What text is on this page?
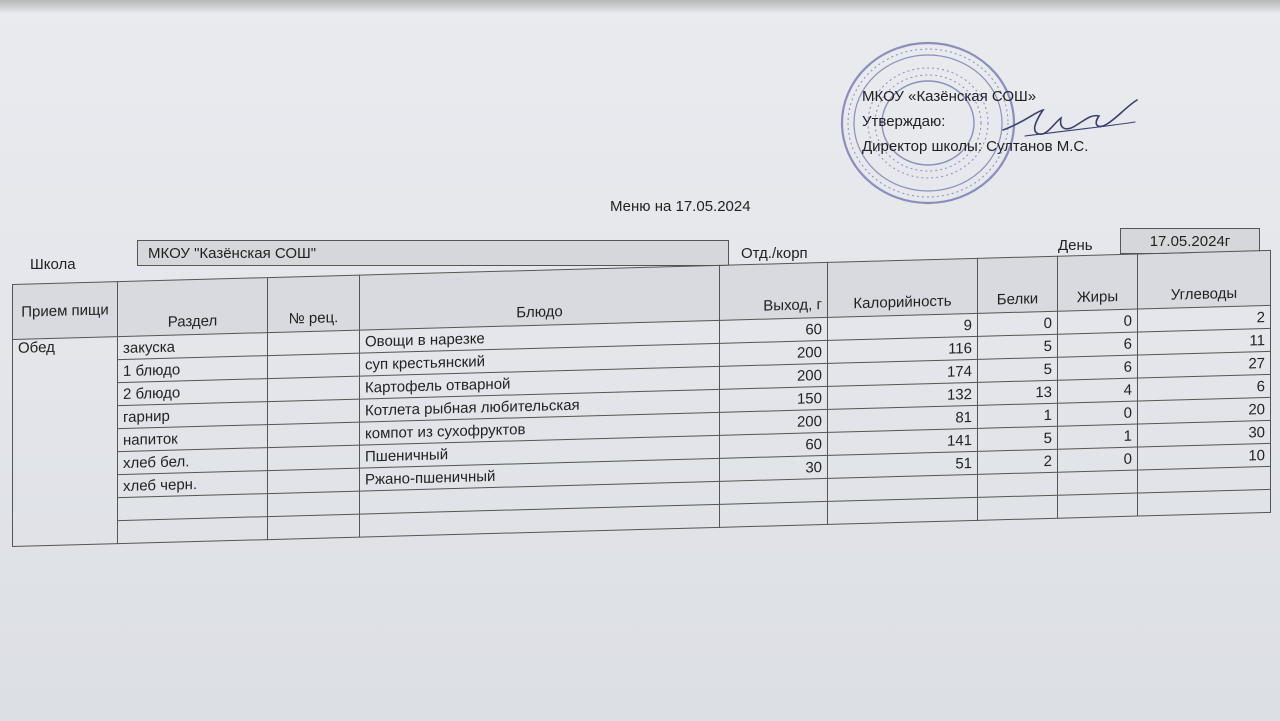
МКОУ «Казёнская СОШ»
Утверждаю:
Директор школы: Султанов М.С.
Меню на 17.05.2024
Школа
МКОУ "Казёнская СОШ"	Отд./корп	День	17.05.2024г
Прием пищи	Раздел	№ рец.	Блюдо	Выход, г	Калорийность	Белки	Жиры	Углеводы
Обед	закуска		Овощи в нарезке	60	9	0	0	2
	1 блюдо		суп крестьянский	200	116	5	6	11
	2 блюдо		Картофель отварной	200	174	5	6	27
	гарнир		Котлета рыбная любительская	150	132	13	4	6
	напиток		компот из сухофруктов	200	81	1	0	20
	хлеб бел.		Пшеничный	60	141	5	1	30
	хлеб черн.		Ржано-пшеничный	30	51	2	0	10
